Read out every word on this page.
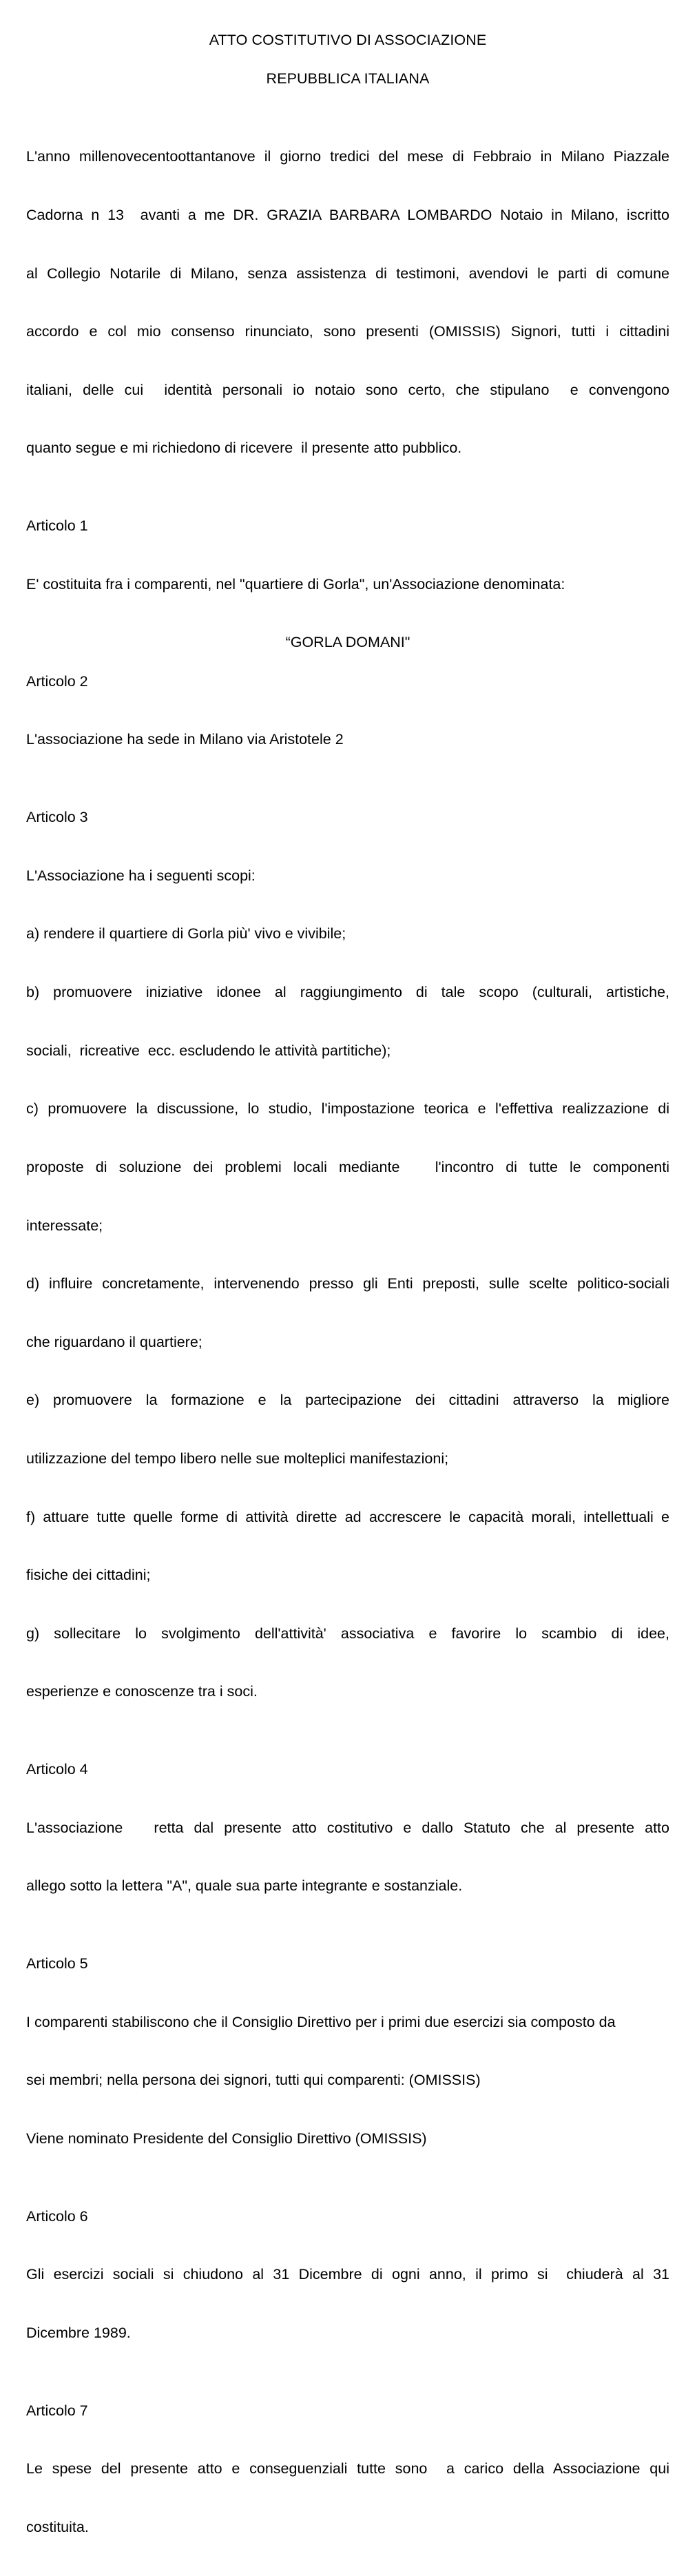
ATTO COSTITUTIVO DI ASSOCIAZIONE
REPUBBLICA ITALIANA

L'anno millenovecentoottantanove il giorno tredici del mese di Febbraio in Milano Piazzale

Cadorna n 13  avanti a me DR. GRAZIA BARBARA LOMBARDO Notaio in Milano, iscritto

al Collegio Notarile di Milano, senza assistenza di testimoni, avendovi le parti di comune

accordo e col mio consenso rinunciato, sono presenti (OMISSIS) Signori, tutti i cittadini

italiani, delle cui  identità personali io notaio sono certo, che stipulano  e convengono

quanto segue e mi richiedono di ricevere  il presente atto pubblico.

Articolo 1

E' costituita fra i comparenti, nel "quartiere di Gorla", un'Associazione denominata:

“GORLA DOMANI"
Articolo 2

L'associazione ha sede in Milano via Aristotele 2

Articolo 3

L'Associazione ha i seguenti scopi:

a) rendere il quartiere di Gorla più' vivo e vivibile;

b) promuovere iniziative idonee al raggiungimento di tale scopo (culturali, artistiche,

sociali,  ricreative  ecc. escludendo le attività partitiche);

c) promuovere la discussione, lo studio, l'impostazione teorica e l'effettiva realizzazione di

proposte di soluzione dei problemi locali mediante   l'incontro di tutte le componenti

interessate;

d) influire concretamente, intervenendo presso gli Enti preposti, sulle scelte politico-sociali

che riguardano il quartiere;

e) promuovere la formazione e la partecipazione dei cittadini attraverso la migliore

utilizzazione del tempo libero nelle sue molteplici manifestazioni;

f) attuare tutte quelle forme di attività dirette ad accrescere le capacità morali, intellettuali e

fisiche dei cittadini;

g) sollecitare lo svolgimento dell'attività' associativa e favorire lo scambio di idee,

esperienze e conoscenze tra i soci.

Articolo 4

L'associazione   retta dal presente atto costitutivo e dallo Statuto che al presente atto

allego sotto la lettera "A", quale sua parte integrante e sostanziale.

Articolo 5

I comparenti stabiliscono che il Consiglio Direttivo per i primi due esercizi sia composto da

sei membri; nella persona dei signori, tutti qui comparenti: (OMISSIS)

Viene nominato Presidente del Consiglio Direttivo (OMISSIS)

Articolo 6

Gli esercizi sociali si chiudono al 31 Dicembre di ogni anno, il primo si  chiuderà al 31

Dicembre 1989.

Articolo 7

Le spese del presente atto e conseguenziali tutte sono  a carico della Associazione qui

costituita.
